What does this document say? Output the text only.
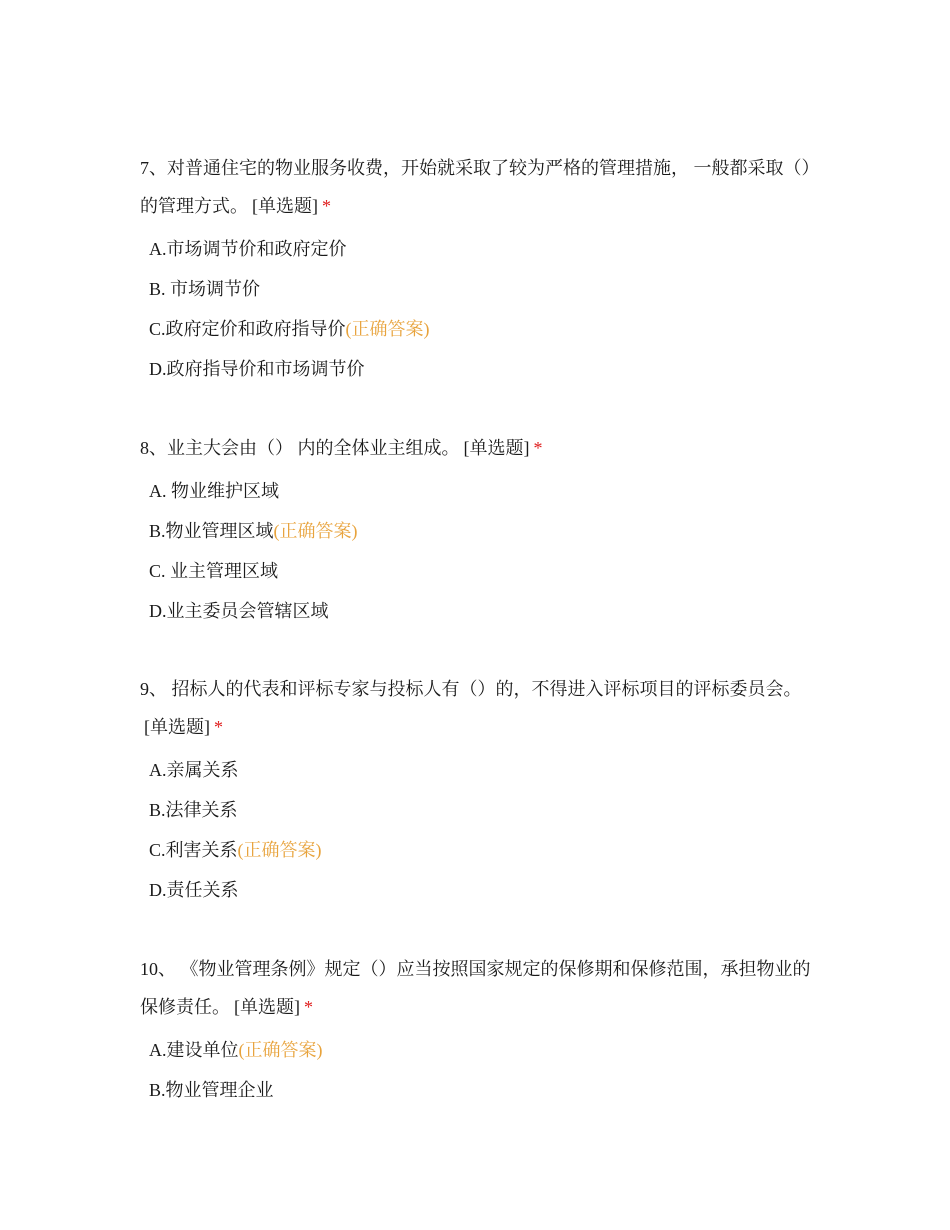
7、对普通住宅的物业服务收费，开始就采取了较为严格的管理措施， 一般都采取（）的管理方式。 [单选题] *

A.市场调节价和政府定价
B. 市场调节价
C.政府定价和政府指导价(正确答案)
D.政府指导价和市场调节价

8、业主大会由（） 内的全体业主组成。 [单选题] *

A. 物业维护区域
B.物业管理区域(正确答案)
C. 业主管理区域
D.业主委员会管辖区域

9、 招标人的代表和评标专家与投标人有（）的，不得进入评标项目的评标委员会。[单选题] *

A.亲属关系
B.法律关系
C.利害关系(正确答案)
D.责任关系

10、 《物业管理条例》规定（）应当按照国家规定的保修期和保修范围，承担物业的保修责任。 [单选题] *

A.建设单位(正确答案)
B.物业管理企业
